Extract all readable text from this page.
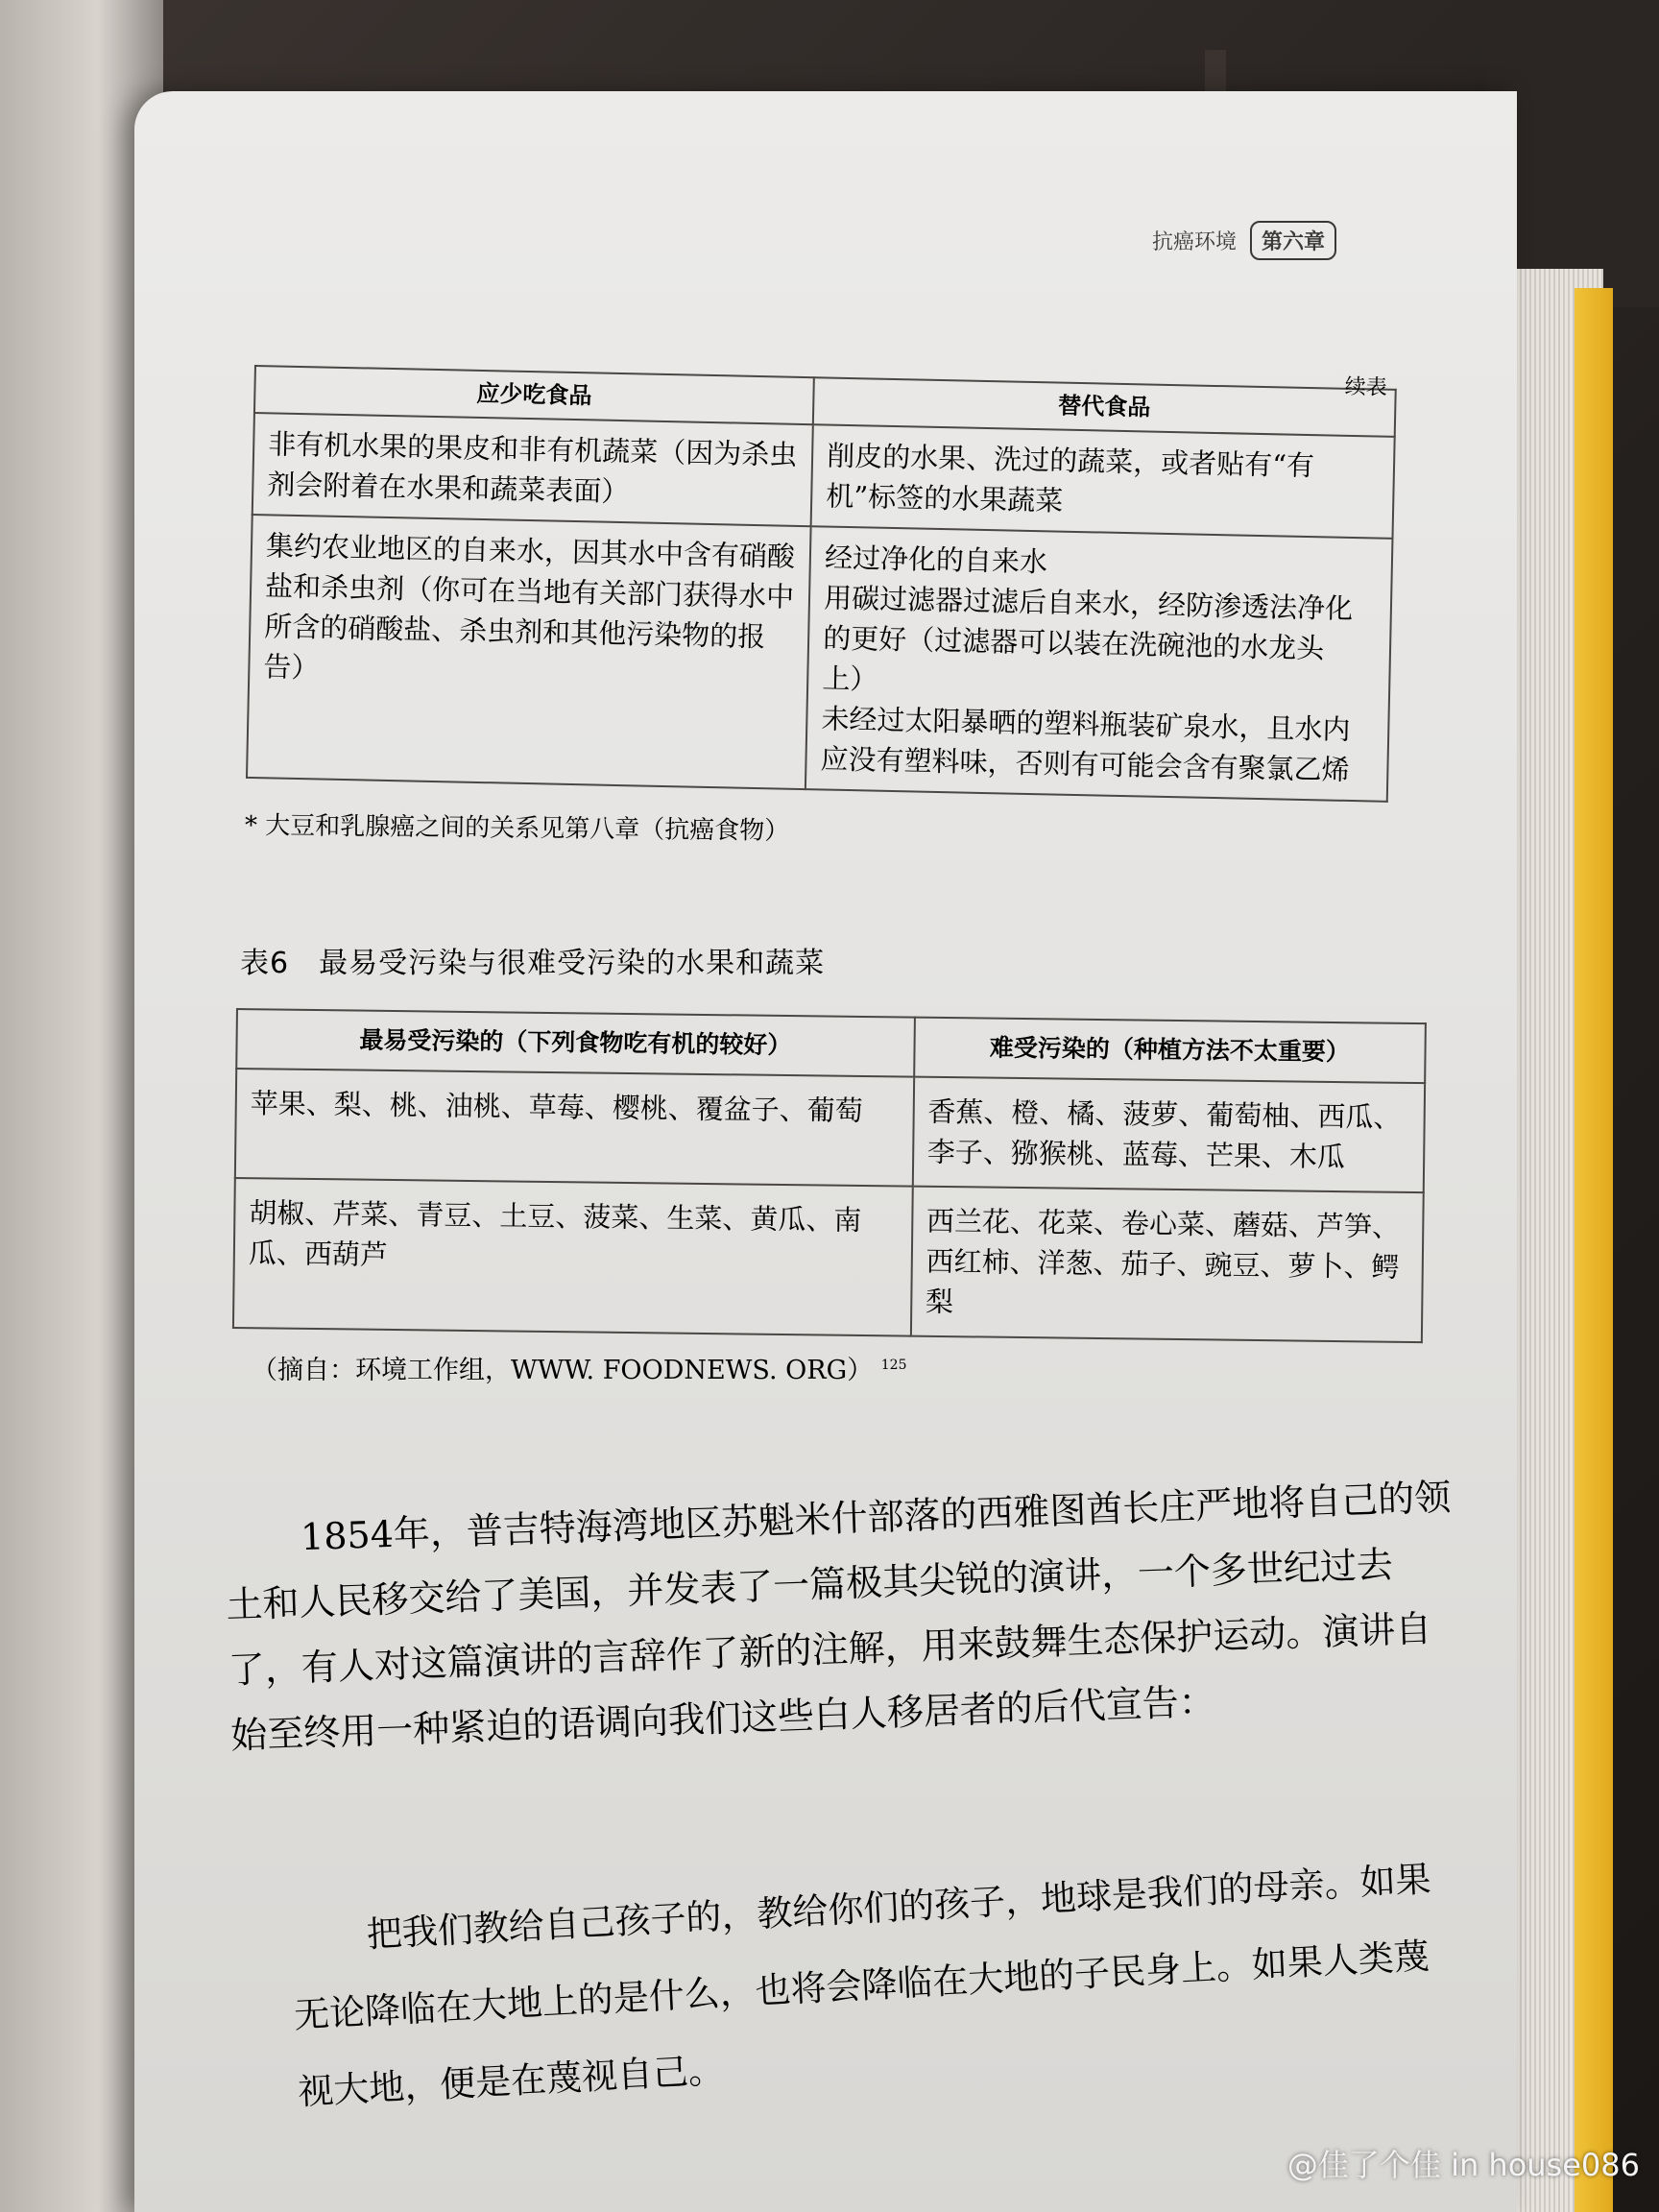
抗癌环境	第六章
续表
应少吃食品	替代食品
非有机水果的果皮和非有机蔬菜（因为杀虫剂会附着在水果和蔬菜表面）	削皮的水果、洗过的蔬菜，或者贴有“有机”标签的水果蔬菜
集约农业地区的自来水，因其水中含有硝酸盐和杀虫剂（你可在当地有关部门获得水中所含的硝酸盐、杀虫剂和其他污染物的报告）	经过净化的自来水
用碳过滤器过滤后自来水，经防渗透法净化的更好（过滤器可以装在洗碗池的水龙头上）
未经过太阳暴晒的塑料瓶装矿泉水，且水内应没有塑料味，否则有可能会含有聚氯乙烯
* 大豆和乳腺癌之间的关系见第八章（抗癌食物）
表6　最易受污染与很难受污染的水果和蔬菜
最易受污染的（下列食物吃有机的较好）	难受污染的（种植方法不太重要）
苹果、梨、桃、油桃、草莓、樱桃、覆盆子、葡萄	香蕉、橙、橘、菠萝、葡萄柚、西瓜、李子、猕猴桃、蓝莓、芒果、木瓜
胡椒、芹菜、青豆、土豆、菠菜、生菜、黄瓜、南瓜、西葫芦	西兰花、花菜、卷心菜、蘑菇、芦笋、西红柿、洋葱、茄子、豌豆、萝卜、鳄梨
（摘自：环境工作组，WWW. FOODNEWS. ORG） $^{125}$

1854年，普吉特海湾地区苏魁米什部落的西雅图酋长庄严地将自己的领土和人民移交给了美国，并发表了一篇极其尖锐的演讲，一个多世纪过去了，有人对这篇演讲的言辞作了新的注解，用来鼓舞生态保护运动。演讲自始至终用一种紧迫的语调向我们这些白人移居者的后代宣告：

把我们教给自己孩子的，教给你们的孩子，地球是我们的母亲。如果无论降临在大地上的是什么，也将会降临在大地的子民身上。如果人类蔑视大地，便是在蔑视自己。

@佳了个佳 in house086
